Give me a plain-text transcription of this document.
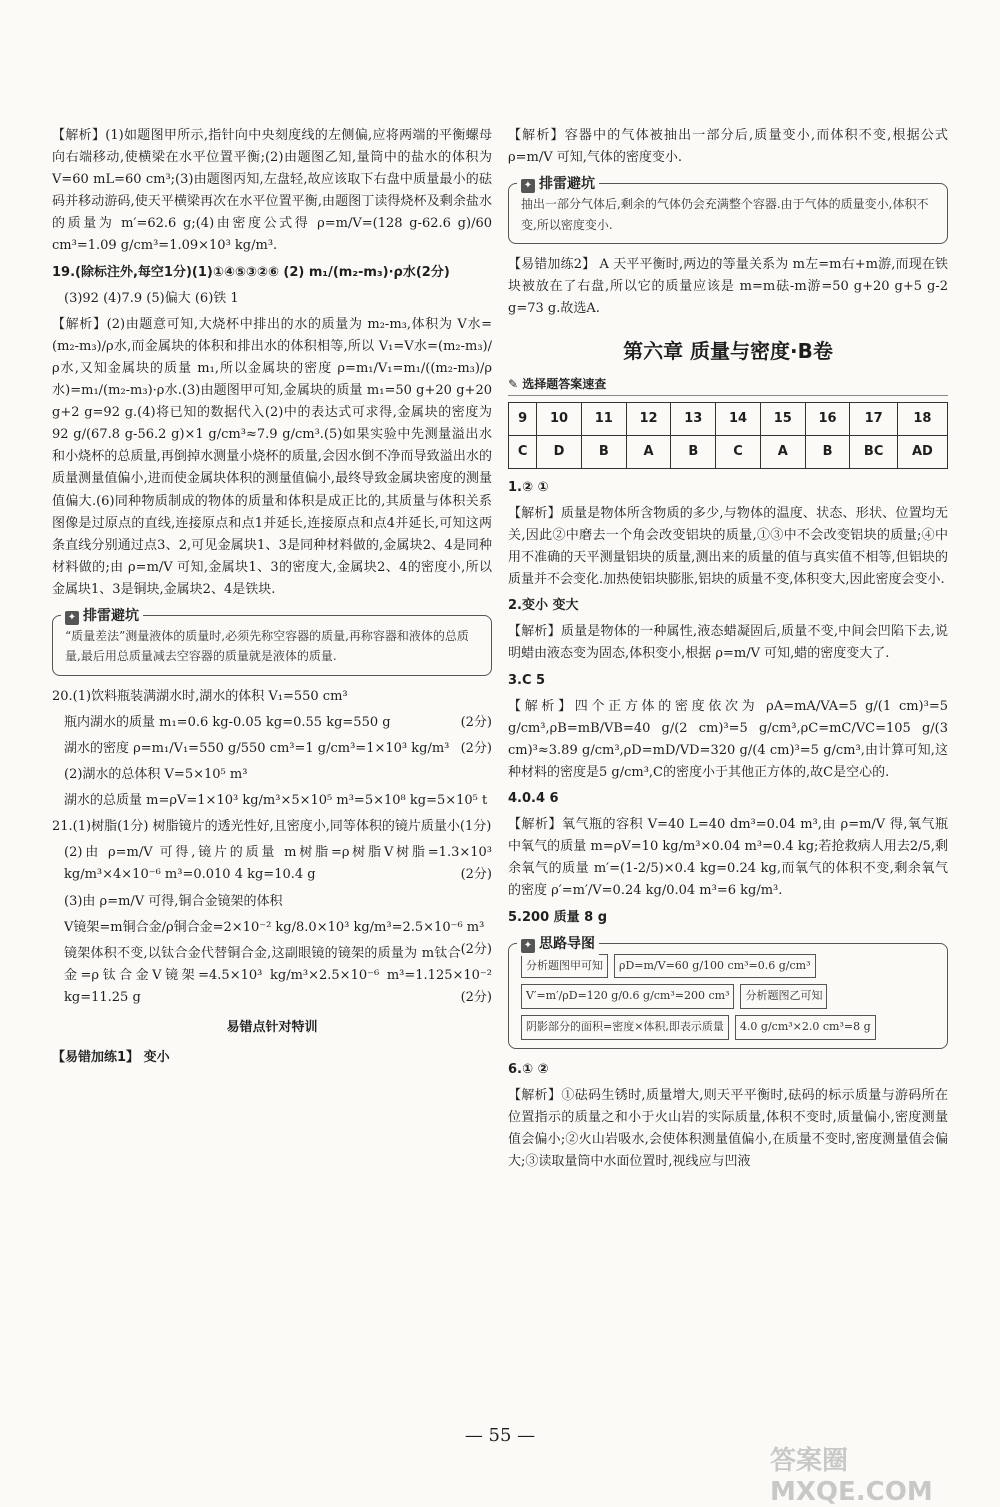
【解析】(1)如题图甲所示,指针向中央刻度线的左侧偏,应将两端的平衡螺母向右端移动,使横梁在水平位置平衡;(2)由题图乙知,量筒中的盐水的体积为 V=60 mL=60 cm³;(3)由题图丙知,左盘轻,故应该取下右盘中质量最小的砝码并移动游码,使天平横梁再次在水平位置平衡,由题图丁读得烧杯及剩余盐水的质量为 m′=62.6 g;(4)由密度公式得 ρ=m/V=(128 g-62.6 g)/60 cm³=1.09 g/cm³=1.09×10³ kg/m³.

19.(除标注外,每空1分)(1)①④⑤③②⑥ (2) m₁/(m₂-m₃)·ρ水(2分)

(3)92 (4)7.9 (5)偏大 (6)铁 1

【解析】(2)由题意可知,大烧杯中排出的水的质量为 m₂-m₃,体积为 V水=(m₂-m₃)/ρ水,而金属块的体积和排出水的体积相等,所以 V₁=V水=(m₂-m₃)/ρ水,又知金属块的质量 m₁,所以金属块的密度 ρ=m₁/V₁=m₁/((m₂-m₃)/ρ水)=m₁/(m₂-m₃)·ρ水.(3)由题图甲可知,金属块的质量 m₁=50 g+20 g+20 g+2 g=92 g.(4)将已知的数据代入(2)中的表达式可求得,金属块的密度为 92 g/(67.8 g-56.2 g)×1 g/cm³≈7.9 g/cm³.(5)如果实验中先测量溢出水和小烧杯的总质量,再倒掉水测量小烧杯的质量,会因水倒不净而导致溢出水的质量测量值偏小,进而使金属块体积的测量值偏小,最终导致金属块密度的测量值偏大.(6)同种物质制成的物体的质量和体积是成正比的,其质量与体积关系图像是过原点的直线,连接原点和点1并延长,连接原点和点4并延长,可知这两条直线分别通过点3、2,可见金属块1、3是同种材料做的,金属块2、4是同种材料做的;由 ρ=m/V 可知,金属块1、3的密度大,金属块2、4的密度小,所以金属块1、3是铜块,金属块2、4是铁块.

✦ 排雷避坑
“质量差法”测量液体的质量时,必须先称空容器的质量,再称容器和液体的总质量,最后用总质量减去空容器的质量就是液体的质量.

20.(1)饮料瓶装满湖水时,湖水的体积 V₁=550 cm³

瓶内湖水的质量 m₁=0.6 kg-0.05 kg=0.55 kg=550 g	(2分)

湖水的密度 ρ=m₁/V₁=550 g/550 cm³=1 g/cm³=1×10³ kg/m³ (2分)

(2)湖水的总体积 V=5×10⁵ m³

湖水的总质量 m=ρV=1×10³ kg/m³×5×10⁵ m³=5×10⁸ kg=5×10⁵ t

21.(1)树脂(1分) 树脂镜片的透光性好,且密度小,同等体积的镜片质量小(1分)

(2)由 ρ=m/V 可得,镜片的质量 m树脂=ρ树脂V树脂=1.3×10³ kg/m³×4×10⁻⁶ m³=0.010 4 kg=10.4 g	(2分)

(3)由 ρ=m/V 可得,铜合金镜架的体积

V镜架=m铜合金/ρ铜合金=2×10⁻² kg/8.0×10³ kg/m³=2.5×10⁻⁶ m³
(2分)

镜架体积不变,以钛合金代替铜合金,这副眼镜的镜架的质量为 m钛合金=ρ钛合金V镜架=4.5×10³ kg/m³×2.5×10⁻⁶ m³=1.125×10⁻² kg=11.25 g	(2分)

易错点针对特训

【易错加练1】 变小

【解析】容器中的气体被抽出一部分后,质量变小,而体积不变,根据公式 ρ=m/V 可知,气体的密度变小.

✦ 排雷避坑
抽出一部分气体后,剩余的气体仍会充满整个容器.由于气体的质量变小,体积不变,所以密度变小.

【易错加练2】 A 天平平衡时,两边的等量关系为 m左=m右+m游,而现在铁块被放在了右盘,所以它的质量应该是 m=m砝-m游=50 g+20 g+5 g-2 g=73 g.故选A.

第六章 质量与密度·B卷
✎ 选择题答案速查
9	10	11	12	13	14	15	16	17	18
C	D	B	A	B	C	A	B	BC	AD

1.② ①

【解析】质量是物体所含物质的多少,与物体的温度、状态、形状、位置均无关,因此②中磨去一个角会改变铝块的质量,①③中不会改变铝块的质量;④中用不准确的天平测量铝块的质量,测出来的质量的值与真实值不相等,但铝块的质量并不会变化.加热使铝块膨胀,铝块的质量不变,体积变大,因此密度会变小.

2.变小 变大

【解析】质量是物体的一种属性,液态蜡凝固后,质量不变,中间会凹陷下去,说明蜡由液态变为固态,体积变小,根据 ρ=m/V 可知,蜡的密度变大了.

3.C 5

【解析】四个正方体的密度依次为 ρA=mA/VA=5 g/(1 cm)³=5 g/cm³,ρB=mB/VB=40 g/(2 cm)³=5 g/cm³,ρC=mC/VC=105 g/(3 cm)³≈3.89 g/cm³,ρD=mD/VD=320 g/(4 cm)³=5 g/cm³,由计算可知,这种材料的密度是5 g/cm³,C的密度小于其他正方体的,故C是空心的.

4.0.4 6

【解析】氧气瓶的容积 V=40 L=40 dm³=0.04 m³,由 ρ=m/V 得,氧气瓶中氧气的质量 m=ρV=10 kg/m³×0.04 m³=0.4 kg;若抢救病人用去2/5,剩余氧气的质量 m′=(1-2/5)×0.4 kg=0.24 kg,而氧气的体积不变,剩余氧气的密度 ρ′=m′/V=0.24 kg/0.04 m³=6 kg/m³.

5.200 质量 8 g

✦ 思路导图
分析题图甲可知	ρD=m/V=60 g/100 cm³=0.6 g/cm³
V′=m′/ρD=120 g/0.6 g/cm³=200 cm³	分析题图乙可知
阴影部分的面积=密度×体积,即表示质量	4.0 g/cm³×2.0 cm³=8 g

6.① ②

【解析】①砝码生锈时,质量增大,则天平平衡时,砝码的标示质量与游码所在位置指示的质量之和小于火山岩的实际质量,体积不变时,质量偏小,密度测量值会偏小;②火山岩吸水,会使体积测量值偏小,在质量不变时,密度测量值会偏大;③读取量筒中水面位置时,视线应与凹液

— 55 —
答案圈 MXQE.COM
